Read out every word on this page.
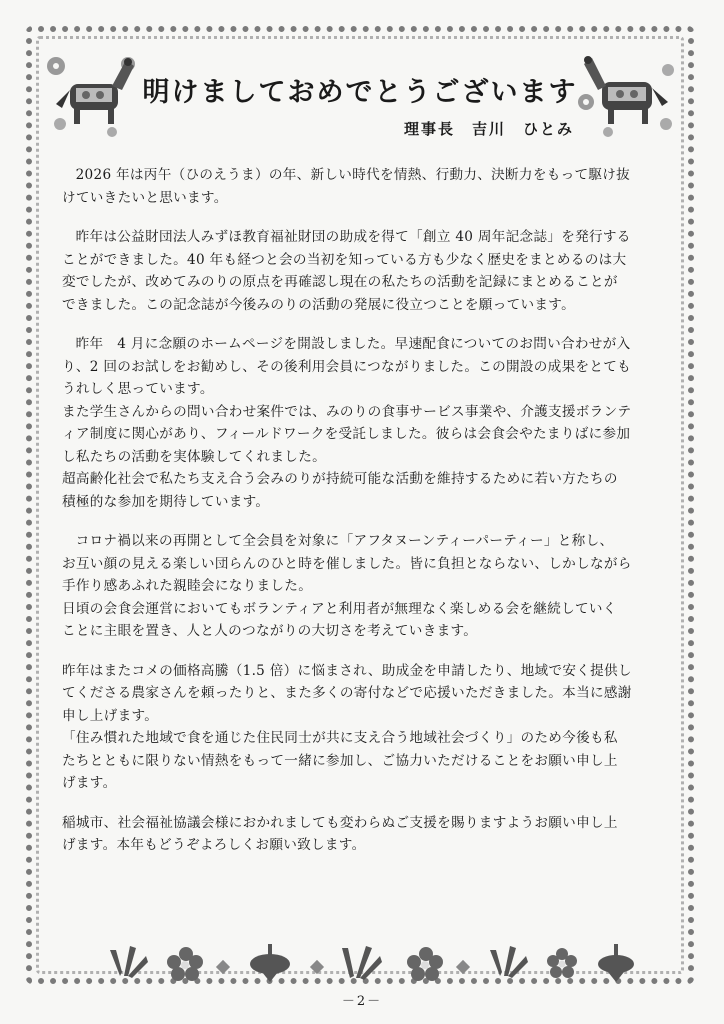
明けましておめでとうございます
理事長　吉川　ひとみ
2026 年は丙午（ひのえうま）の年、新しい時代を情熱、行動力、決断力をもって駆け抜
けていきたいと思います。
昨年は公益財団法人みずほ教育福祉財団の助成を得て「創立 40 周年記念誌」を発行する
ことができました。40 年も経つと会の当初を知っている方も少なく歴史をまとめるのは大
変でしたが、改めてみのりの原点を再確認し現在の私たちの活動を記録にまとめることが
できました。この記念誌が今後みのりの活動の発展に役立つことを願っています。
昨年　4 月に念願のホームページを開設しました。早速配食についてのお問い合わせが入
り、2 回のお試しをお勧めし、その後利用会員につながりました。この開設の成果をとても
うれしく思っています。
また学生さんからの問い合わせ案件では、みのりの食事サービス事業や、介護支援ボランテ
ィア制度に関心があり、フィールドワークを受託しました。彼らは会食会やたまりばに参加
し私たちの活動を実体験してくれました。
超高齢化社会で私たち支え合う会みのりが持続可能な活動を維持するために若い方たちの
積極的な参加を期待しています。
コロナ禍以来の再開として全会員を対象に「アフタヌーンティーパーティー」と称し、
お互い顔の見える楽しい団らんのひと時を催しました。皆に負担とならない、しかしながら
手作り感あふれた親睦会になりました。
日頃の会食会運営においてもボランティアと利用者が無理なく楽しめる会を継続していく
ことに主眼を置き、人と人のつながりの大切さを考えていきます。
昨年はまたコメの価格高騰（1.5 倍）に悩まされ、助成金を申請したり、地域で安く提供し
てくださる農家さんを頼ったりと、また多くの寄付などで応援いただきました。本当に感謝
申し上げます。
「住み慣れた地域で食を通じた住民同士が共に支え合う地域社会づくり」のため今後も私
たちとともに限りない情熱をもって一緒に参加し、ご協力いただけることをお願い申し上
げます。
稲城市、社会福祉協議会様におかれましても変わらぬご支援を賜りますようお願い申し上
げます。本年もどうぞよろしくお願い致します。
－2－
